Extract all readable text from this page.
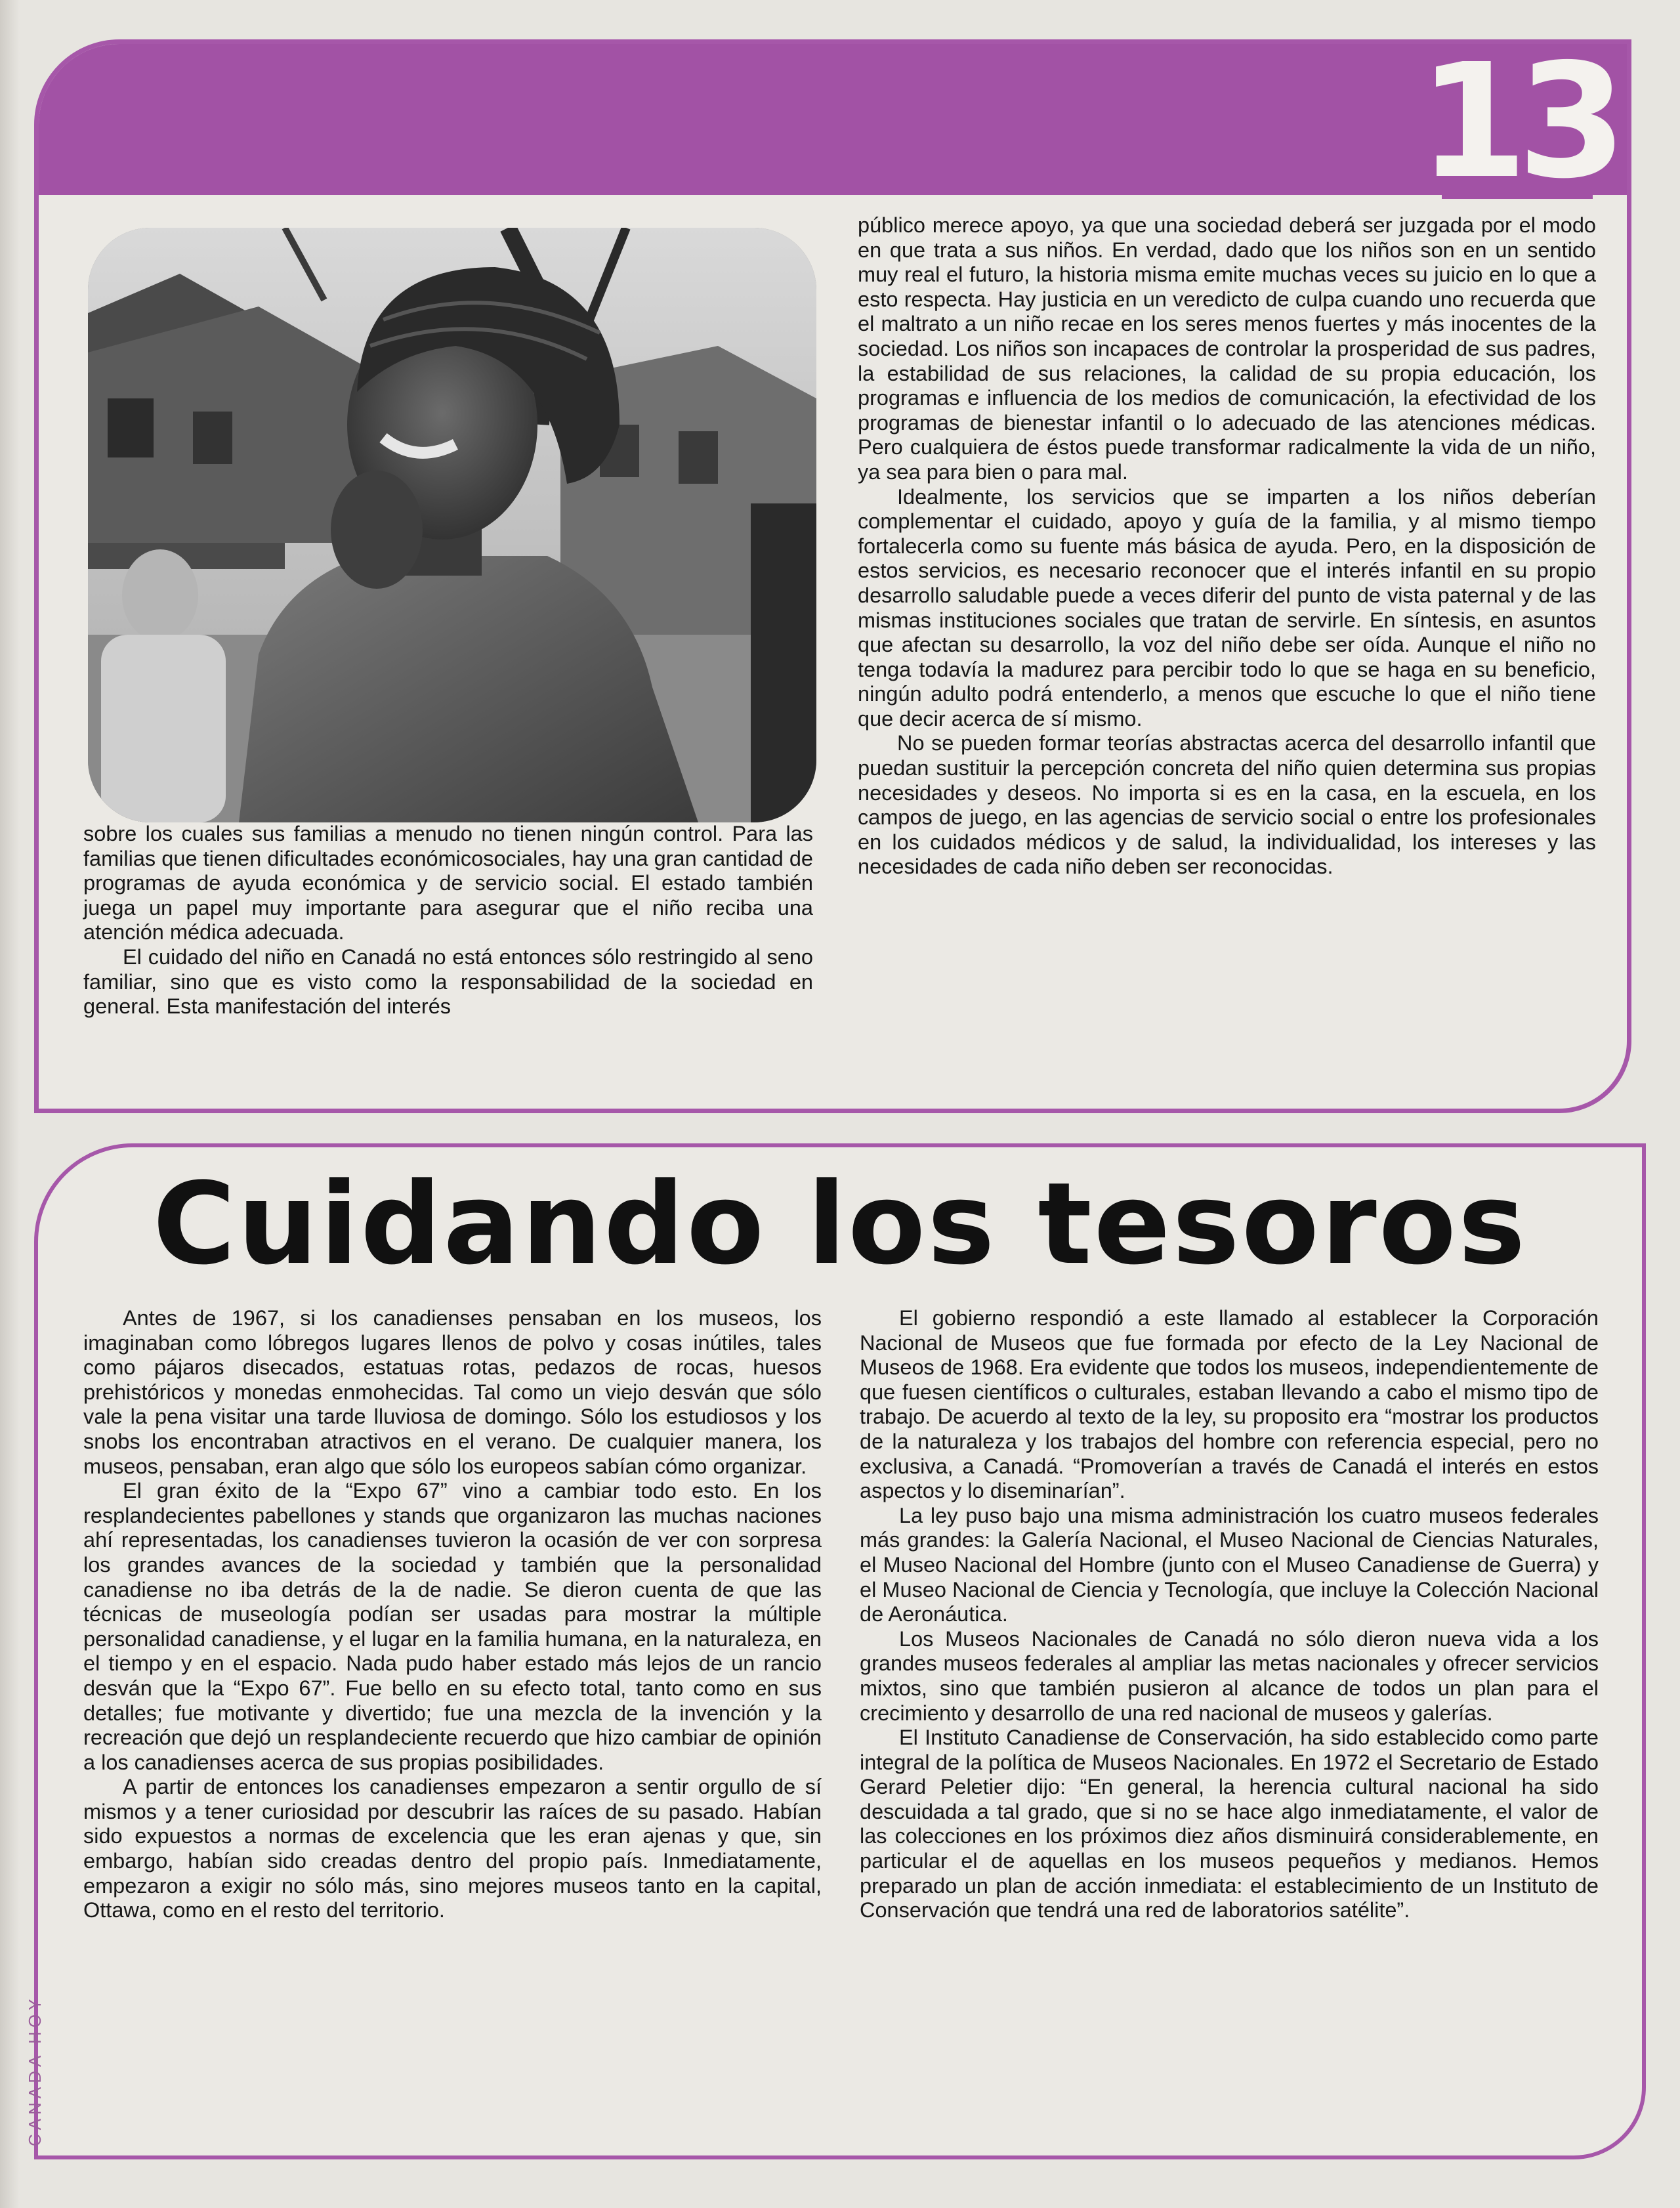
13

sobre los cuales sus familias a menudo no tienen ningún control. Para las familias que tienen dificultades económicosociales, hay una gran cantidad de programas de ayuda económica y de servicio social. El estado también juega un papel muy importante para asegurar que el niño reciba una atención médica adecuada.

El cuidado del niño en Canadá no está entonces sólo restringido al seno familiar, sino que es visto como la responsabilidad de la sociedad en general. Esta manifestación del interés

público merece apoyo, ya que una sociedad deberá ser juzgada por el modo en que trata a sus niños. En verdad, dado que los niños son en un sentido muy real el futuro, la historia misma emite muchas veces su juicio en lo que a esto respecta. Hay justicia en un veredicto de culpa cuando uno recuerda que el maltrato a un niño recae en los seres menos fuertes y más inocentes de la sociedad. Los niños son incapaces de controlar la prosperidad de sus padres, la estabilidad de sus relaciones, la calidad de su propia educación, los programas e influencia de los medios de comunicación, la efectividad de los programas de bienestar infantil o lo adecuado de las atenciones médicas. Pero cualquiera de éstos puede transformar radicalmente la vida de un niño, ya sea para bien o para mal.

Idealmente, los servicios que se imparten a los niños deberían complementar el cuidado, apoyo y guía de la familia, y al mismo tiempo fortalecerla como su fuente más básica de ayuda. Pero, en la disposición de estos servicios, es necesario reconocer que el interés infantil en su propio desarrollo saludable puede a veces diferir del punto de vista paternal y de las mismas instituciones sociales que tratan de servirle. En síntesis, en asuntos que afectan su desarrollo, la voz del niño debe ser oída. Aunque el niño no tenga todavía la madurez para percibir todo lo que se haga en su beneficio, ningún adulto podrá entenderlo, a menos que escuche lo que el niño tiene que decir acerca de sí mismo.

No se pueden formar teorías abstractas acerca del desarrollo infantil que puedan sustituir la percepción concreta del niño quien determina sus propias necesidades y deseos. No importa si es en la casa, en la escuela, en los campos de juego, en las agencias de servicio social o entre los profesionales en los cuidados médicos y de salud, la individualidad, los intereses y las necesidades de cada niño deben ser reconocidas.

Cuidando los tesoros

Antes de 1967, si los canadienses pensaban en los museos, los imaginaban como lóbregos lugares llenos de polvo y cosas inútiles, tales como pájaros disecados, estatuas rotas, pedazos de rocas, huesos prehistóricos y monedas enmohecidas. Tal como un viejo desván que sólo vale la pena visitar una tarde lluviosa de domingo. Sólo los estudiosos y los snobs los encontraban atractivos en el verano. De cualquier manera, los museos, pensaban, eran algo que sólo los europeos sabían cómo organizar.

El gran éxito de la “Expo 67” vino a cambiar todo esto. En los resplandecientes pabellones y stands que organizaron las muchas naciones ahí representadas, los canadienses tuvieron la ocasión de ver con sorpresa los grandes avances de la sociedad y también que la personalidad canadiense no iba detrás de la de nadie. Se dieron cuenta de que las técnicas de museología podían ser usadas para mostrar la múltiple personalidad canadiense, y el lugar en la familia humana, en la naturaleza, en el tiempo y en el espacio. Nada pudo haber estado más lejos de un rancio desván que la “Expo 67”. Fue bello en su efecto total, tanto como en sus detalles; fue motivante y divertido; fue una mezcla de la invención y la recreación que dejó un resplandeciente recuerdo que hizo cambiar de opinión a los canadienses acerca de sus propias posibilidades.

A partir de entonces los canadienses empezaron a sentir orgullo de sí mismos y a tener curiosidad por descubrir las raíces de su pasado. Habían sido expuestos a normas de excelencia que les eran ajenas y que, sin embargo, habían sido creadas dentro del propio país. Inmediatamente, empezaron a exigir no sólo más, sino mejores museos tanto en la capital, Ottawa, como en el resto del territorio.

El gobierno respondió a este llamado al establecer la Corporación Nacional de Museos que fue formada por efecto de la Ley Nacional de Museos de 1968. Era evidente que todos los museos, independientemente de que fuesen científicos o culturales, estaban llevando a cabo el mismo tipo de trabajo. De acuerdo al texto de la ley, su proposito era “mostrar los productos de la naturaleza y los trabajos del hombre con referencia especial, pero no exclusiva, a Canadá. “Promoverían a través de Canadá el interés en estos aspectos y lo diseminarían”.

La ley puso bajo una misma administración los cuatro museos federales más grandes: la Galería Nacional, el Museo Nacional de Ciencias Naturales, el Museo Nacional del Hombre (junto con el Museo Canadiense de Guerra) y el Museo Nacional de Ciencia y Tecnología, que incluye la Colección Nacional de Aeronáutica.

Los Museos Nacionales de Canadá no sólo dieron nueva vida a los grandes museos federales al ampliar las metas nacionales y ofrecer servicios mixtos, sino que también pusieron al alcance de todos un plan para el crecimiento y desarrollo de una red nacional de museos y galerías.

El Instituto Canadiense de Conservación, ha sido establecido como parte integral de la política de Museos Nacionales. En 1972 el Secretario de Estado Gerard Peletier dijo: “En general, la herencia cultural nacional ha sido descuidada a tal grado, que si no se hace algo inmediatamente, el valor de las colecciones en los próximos diez años disminuirá considerablemente, en particular el de aquellas en los museos pequeños y medianos. Hemos preparado un plan de acción inmediata: el establecimiento de un Instituto de Conservación que tendrá una red de laboratorios satélite”.

CANADA HOY
